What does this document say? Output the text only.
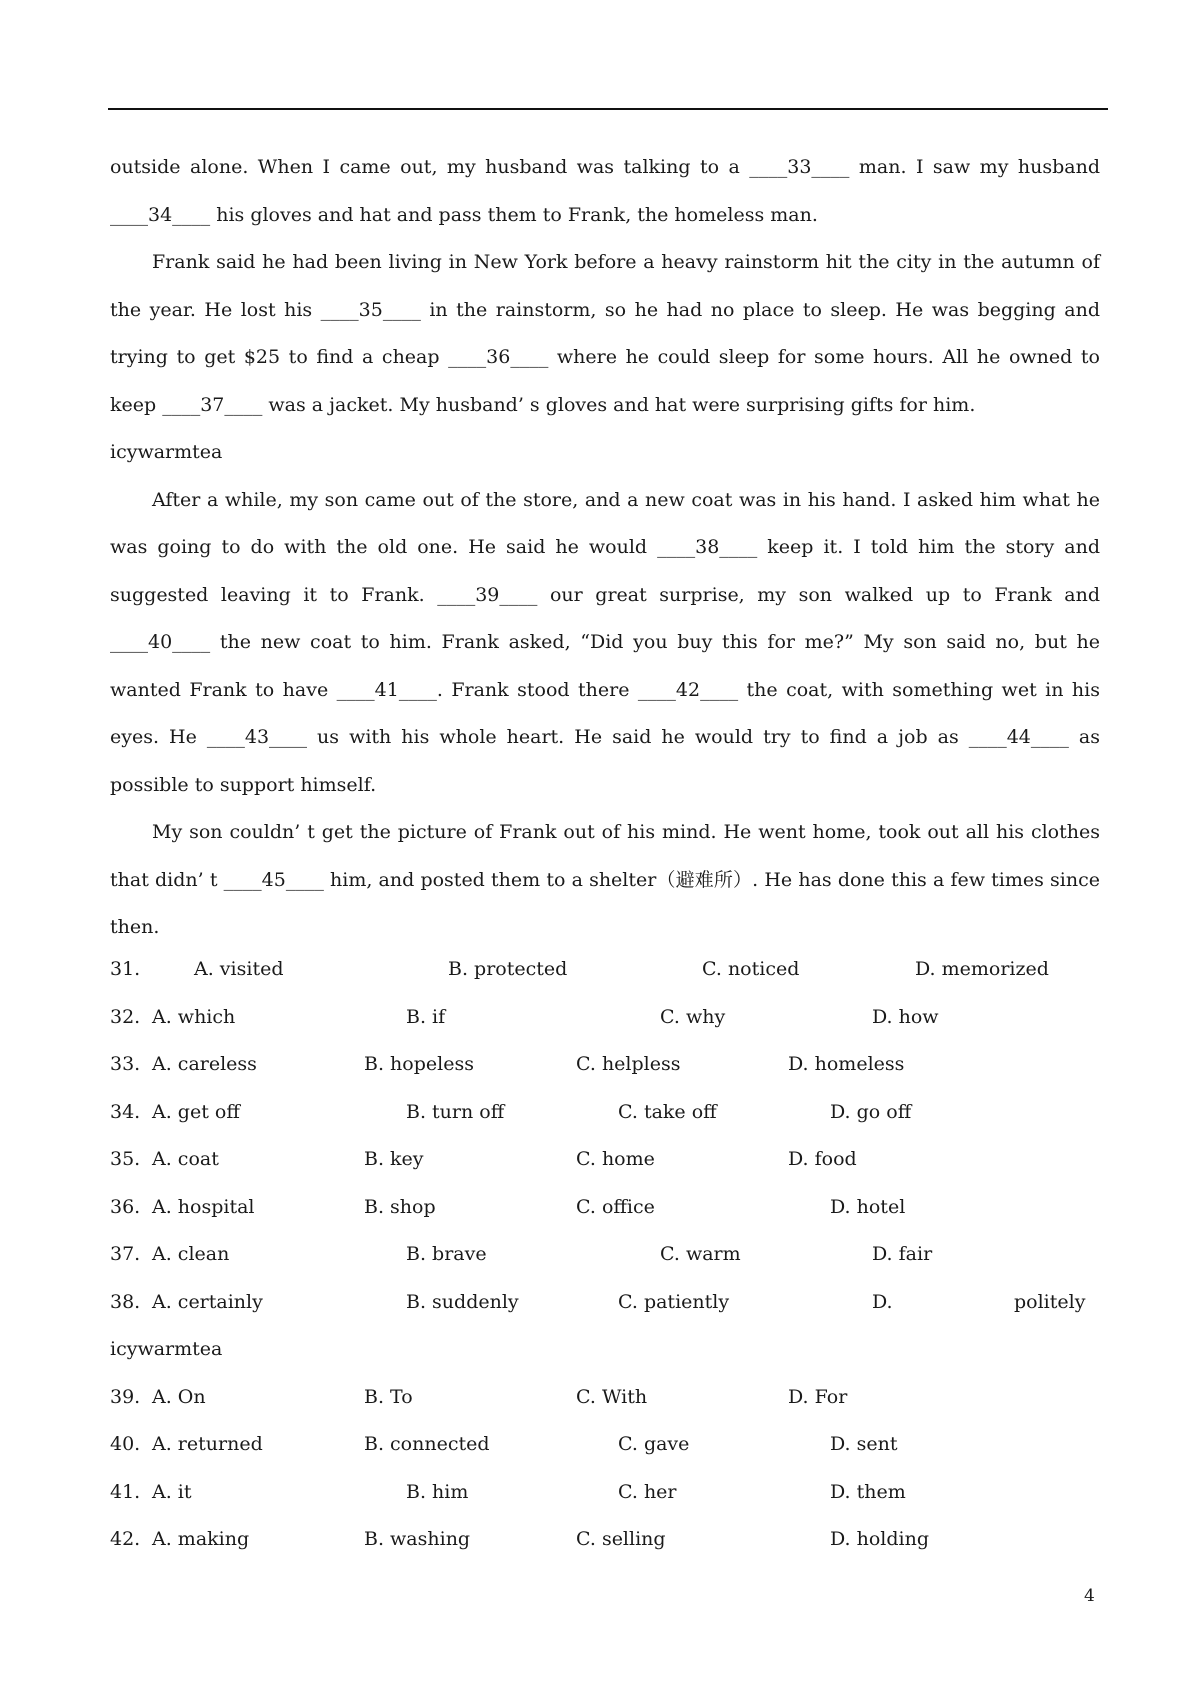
outside alone. When I came out, my husband was talking to a ____33____ man. I saw my husband

____34____ his gloves and hat and pass them to Frank, the homeless man.

Frank said he had been living in New York before a heavy rainstorm hit the city in the autumn of the year. He lost his ____35____ in the rainstorm, so he had no place to sleep. He was begging and trying to get $25 to find a cheap ____36____ where he could sleep for some hours. All he owned to keep ____37____ was a jacket. My husband’ s gloves and hat were surprising gifts for him.

icywarmtea

After a while, my son came out of the store, and a new coat was in his hand. I asked him what he was going to do with the old one. He said he would ____38____ keep it. I told him the story and suggested leaving it to Frank. ____39____ our great surprise, my son walked up to Frank and ____40____ the new coat to him. Frank asked, “Did you buy this for me?” My son said no, but he wanted Frank to have ____41____. Frank stood there ____42____ the coat, with something wet in his eyes. He ____43____ us with his whole heart. He said he would try to find a job as ____44____ as possible to support himself.

My son couldn’ t get the picture of Frank out of his mind. He went home, took out all his clothes that didn’ t ____45____ him, and posted them to a shelter（避难所）. He has done this a few times since then.

31.	A. visited	B. protected	C. noticed	D. memorized
32. A. which	B. if	C. why	D. how
33. A. careless	B. hopeless	C. helpless	D. homeless
34. A. get off	B. turn off	C. take off	D. go off
35. A. coat	B. key	C. home	D. food
36. A. hospital	B. shop	C. office	D. hotel
37. A. clean	B. brave	C. warm	D. fair
38. A. certainly	B. suddenly	C. patiently	D.	politely
icywarmtea
39. A. On	B. To	C. With	D. For
40. A. returned	B. connected	C. gave	D. sent
41. A. it	B. him	C. her	D. them
42. A. making	B. washing	C. selling	D. holding
4
